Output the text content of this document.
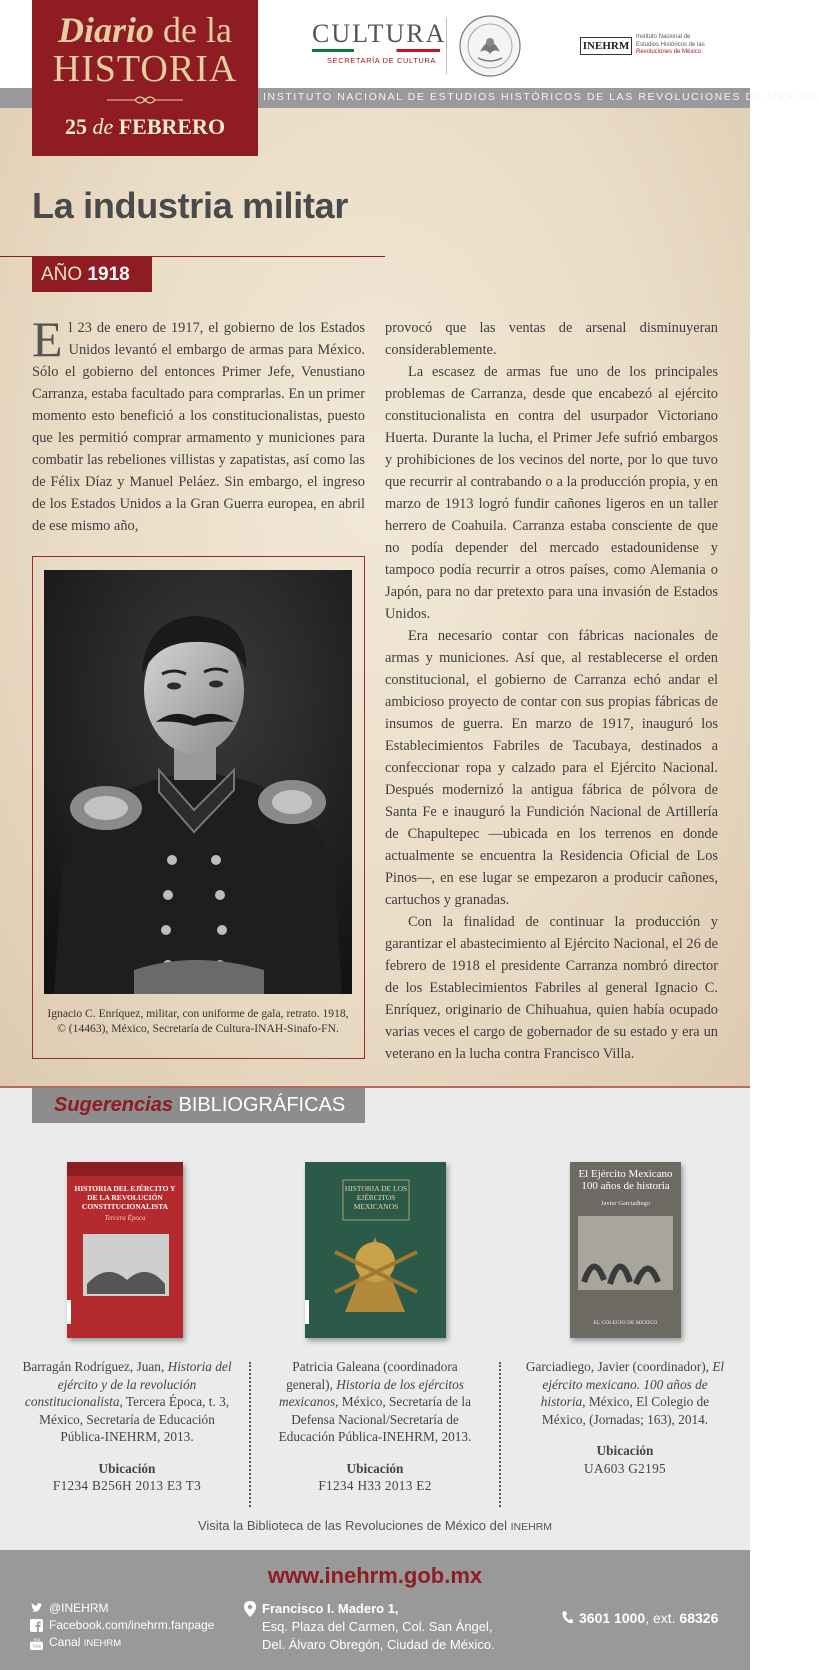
INSTITUTO NACIONAL DE ESTUDIOS HISTÓRICOS DE LAS REVOLUCIONES DE MÉXICO
CULTURA
SECRETARÍA DE CULTURA
INEHRM
Instituto Nacional de
Estudios Históricos de las
Revoluciones de México
Diario de la
HISTORIA
25 de FEBRERO
La industria militar
AÑO 1918

El 23 de enero de 1917, el gobierno de los Estados Unidos levantó el embargo de armas para México. Sólo el gobierno del entonces Primer Jefe, Venustiano Carranza, estaba facultado para comprarlas. En un primer momento esto benefició a los constitucionalistas, puesto que les permitió comprar armamento y municiones para combatir las rebeliones villistas y zapatistas, así como las de Félix Díaz y Manuel Peláez. Sin embargo, el ingreso de los Estados Unidos a la Gran Guerra europea, en abril de ese mismo año,

Ignacio C. Enríquez, militar, con uniforme de gala, retrato. 1918, © (14463), México, Secretaría de Cultura-INAH-Sinafo-FN.

provocó que las ventas de arsenal disminuyeran considerablemente.

La escasez de armas fue uno de los principales problemas de Carranza, desde que encabezó al ejército constitucionalista en contra del usurpador Victoriano Huerta. Durante la lucha, el Primer Jefe sufrió embargos y prohibiciones de los vecinos del norte, por lo que tuvo que recurrir al contrabando o a la producción propia, y en marzo de 1913 logró fundir cañones ligeros en un taller herrero de Coahuila. Carranza estaba consciente de que no podía depender del mercado estadounidense y tampoco podía recurrir a otros países, como Alemania o Japón, para no dar pretexto para una invasión de Estados Unidos.

Era necesario contar con fábricas nacionales de armas y municiones. Así que, al restablecerse el orden constitucional, el gobierno de Carranza echó andar el ambicioso proyecto de contar con sus propias fábricas de insumos de guerra. En marzo de 1917, inauguró los Establecimientos Fabriles de Tacubaya, destinados a confeccionar ropa y calzado para el Ejército Nacional. Después modernizó la antigua fábrica de pólvora de Santa Fe e inauguró la Fundición Nacional de Artillería de Chapultepec —ubicada en los terrenos en donde actualmente se encuentra la Residencia Oficial de Los Pinos—, en ese lugar se empezaron a producir cañones, cartuchos y granadas.

Con la finalidad de continuar la producción y garantizar el abastecimiento al Ejército Nacional, el 26 de febrero de 1918 el presidente Carranza nombró director de los Establecimientos Fabriles al general Ignacio C. Enríquez, originario de Chihuahua, quien había ocupado varias veces el cargo de gobernador de su estado y era un veterano en la lucha contra Francisco Villa.

Sugerencias BIBLIOGRÁFICAS
HISTORIA DEL EJÉRCITO Y DE LA REVOLUCIÓN CONSTITUCIONALISTA
Tercera Época
HISTORIA DE LOS EJÉRCITOS MEXICANOS
El Ejército Mexicano 100 años de historia
Javier Garciadiego
EL COLEGIO DE MÉXICO
Barragán Rodríguez, Juan, Historia del ejército y de la revolución constitucionalista, Tercera Época, t. 3, México, Secretaría de Educación Pública-INEHRM, 2013.
Ubicación
F1234 B256H 2013 E3 T3
Patricia Galeana (coordinadora general), Historia de los ejércitos mexicanos, México, Secretaría de la Defensa Nacional/Secretaría de Educación Pública-INEHRM, 2013.
Ubicación
F1234 H33 2013 E2
Garciadiego, Javier (coordinador), El ejército mexicano. 100 años de historia, México, El Colegio de México, (Jornadas; 163), 2014.
Ubicación
UA603 G2195
Visita la Biblioteca de las Revoluciones de México del INEHRM
www.inehrm.gob.mx
@INEHRM
Facebook.com/inehrm.fanpage
You
Tube Canal INEHRM
Francisco I. Madero 1,
Esq. Plaza del Carmen, Col. San Ángel,
Del. Álvaro Obregón, Ciudad de México.
3601 1000, ext. 68326
